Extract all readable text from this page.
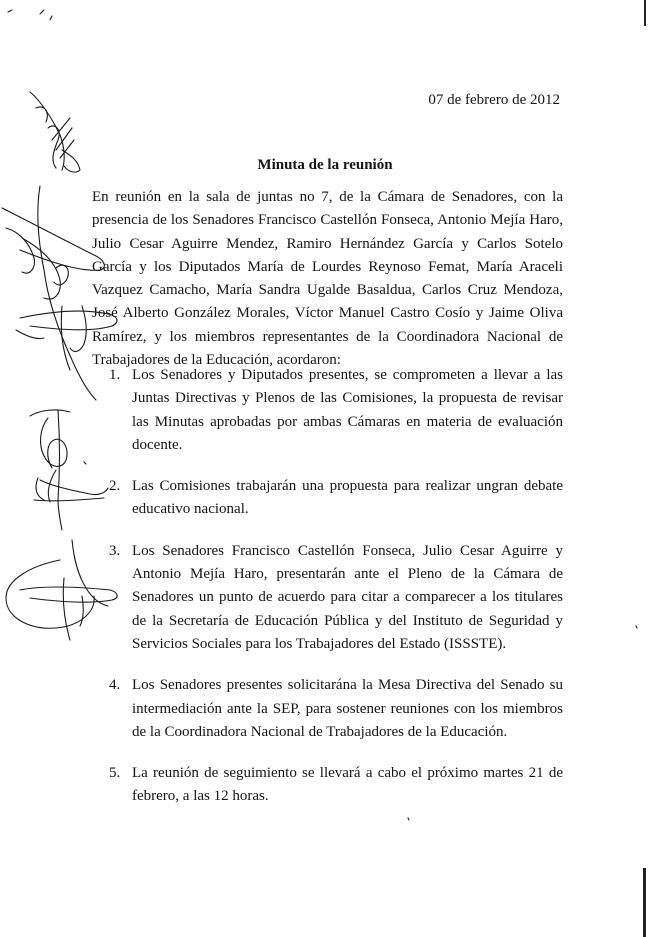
07 de febrero de 2012
Minuta de la reunión

En reunión en la sala de juntas no 7, de la Cámara de Senadores, con la presencia de los Senadores Francisco Castellón Fonseca, Antonio Mejía Haro, Julio Cesar Aguirre Mendez, Ramiro Hernández García y Carlos Sotelo García y los Diputados María de Lourdes Reynoso Femat, María Araceli Vazquez Camacho, María Sandra Ugalde Basaldua, Carlos Cruz Mendoza, José Alberto González Morales, Víctor Manuel Castro Cosío y Jaime Oliva Ramírez, y los miembros representantes de la Coordinadora Nacional de Trabajadores de la Educación, acordaron:

1. Los Senadores y Diputados presentes, se comprometen a llevar a las Juntas Directivas y Plenos de las Comisiones, la propuesta de revisar las Minutas aprobadas por ambas Cámaras en materia de evaluación docente.
2. Las Comisiones trabajarán una propuesta para realizar ungran debate educativo nacional.
3. Los Senadores Francisco Castellón Fonseca, Julio Cesar Aguirre y Antonio Mejía Haro, presentarán ante el Pleno de la Cámara de Senadores un punto de acuerdo para citar a comparecer a los titulares de la Secretaría de Educación Pública y del Instituto de Seguridad y Servicios Sociales para los Trabajadores del Estado (ISSSTE).
4. Los Senadores presentes solicitarána la Mesa Directiva del Senado su intermediación ante la SEP, para sostener reuniones con los miembros de la Coordinadora Nacional de Trabajadores de la Educación.
5. La reunión de seguimiento se llevará a cabo el próximo martes 21 de febrero, a las 12 horas.
